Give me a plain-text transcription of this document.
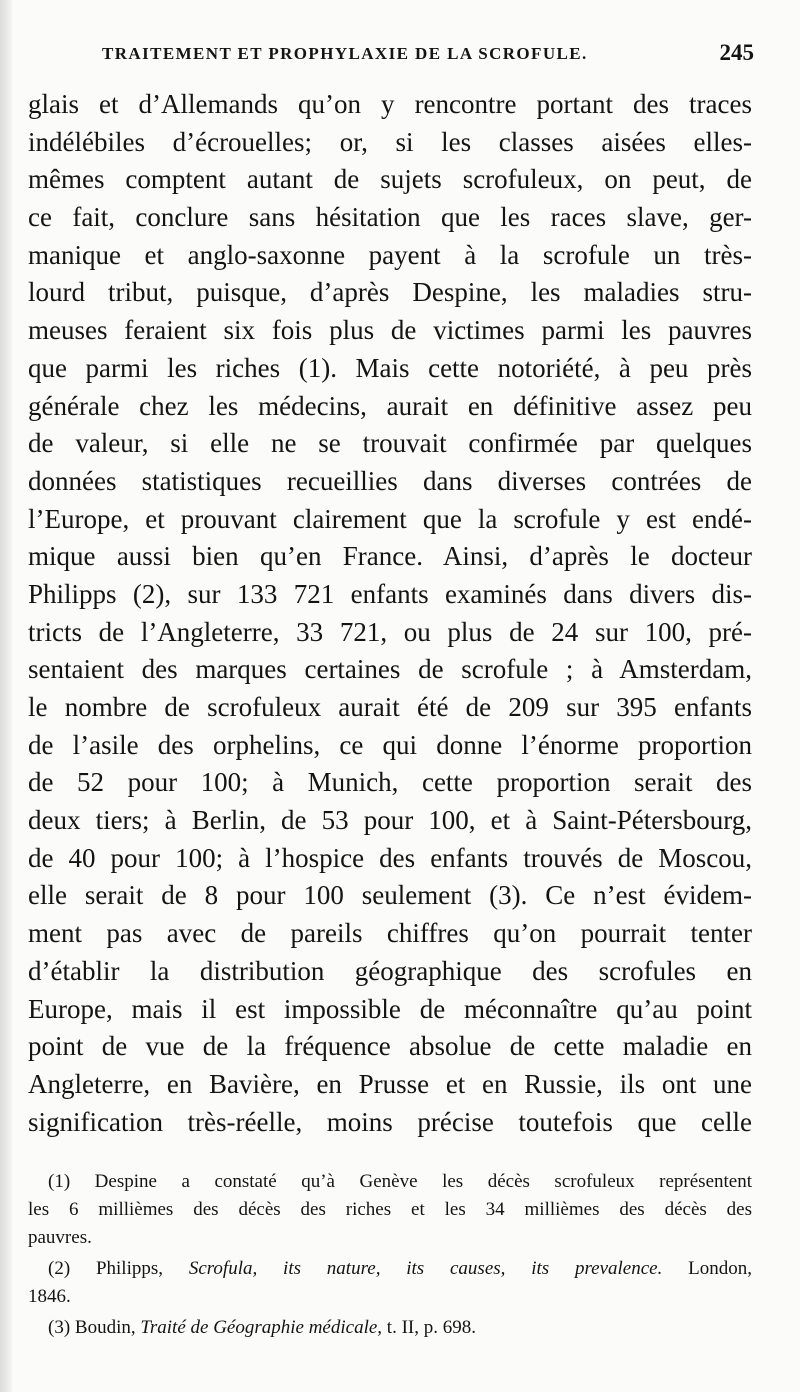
TRAITEMENT ET PROPHYLAXIE DE LA SCROFULE.	245
glais et d’Allemands qu’on y rencontre portant des traces
indélébiles d’écrouelles; or, si les classes aisées elles-
mêmes comptent autant de sujets scrofuleux, on peut, de
ce fait, conclure sans hésitation que les races slave, ger-
manique et anglo-saxonne payent à la scrofule un très-
lourd tribut, puisque, d’après Despine, les maladies stru-
meuses feraient six fois plus de victimes parmi les pauvres
que parmi les riches (1). Mais cette notoriété, à peu près
générale chez les médecins, aurait en définitive assez peu
de valeur, si elle ne se trouvait confirmée par quelques
données statistiques recueillies dans diverses contrées de
l’Europe, et prouvant clairement que la scrofule y est endé-
mique aussi bien qu’en France. Ainsi, d’après le docteur
Philipps (2), sur 133 721 enfants examinés dans divers dis-
tricts de l’Angleterre, 33 721, ou plus de 24 sur 100, pré-
sentaient des marques certaines de scrofule ; à Amsterdam,
le nombre de scrofuleux aurait été de 209 sur 395 enfants
de l’asile des orphelins, ce qui donne l’énorme proportion
de 52 pour 100; à Munich, cette proportion serait des
deux tiers; à Berlin, de 53 pour 100, et à Saint-Pétersbourg,
de 40 pour 100; à l’hospice des enfants trouvés de Moscou,
elle serait de 8 pour 100 seulement (3). Ce n’est évidem-
ment pas avec de pareils chiffres qu’on pourrait tenter
d’établir la distribution géographique des scrofules en
Europe, mais il est impossible de méconnaître qu’au point
point de vue de la fréquence absolue de cette maladie en
Angleterre, en Bavière, en Prusse et en Russie, ils ont une
signification très-réelle, moins précise toutefois que celle
(1) Despine a constaté qu’à Genève les décès scrofuleux représentent
les 6 millièmes des décès des riches et les 34 millièmes des décès des
pauvres.
(2) Philipps, Scrofula, its nature, its causes, its prevalence. London,
1846.
(3) Boudin, Traité de Géographie médicale, t. II, p. 698.
